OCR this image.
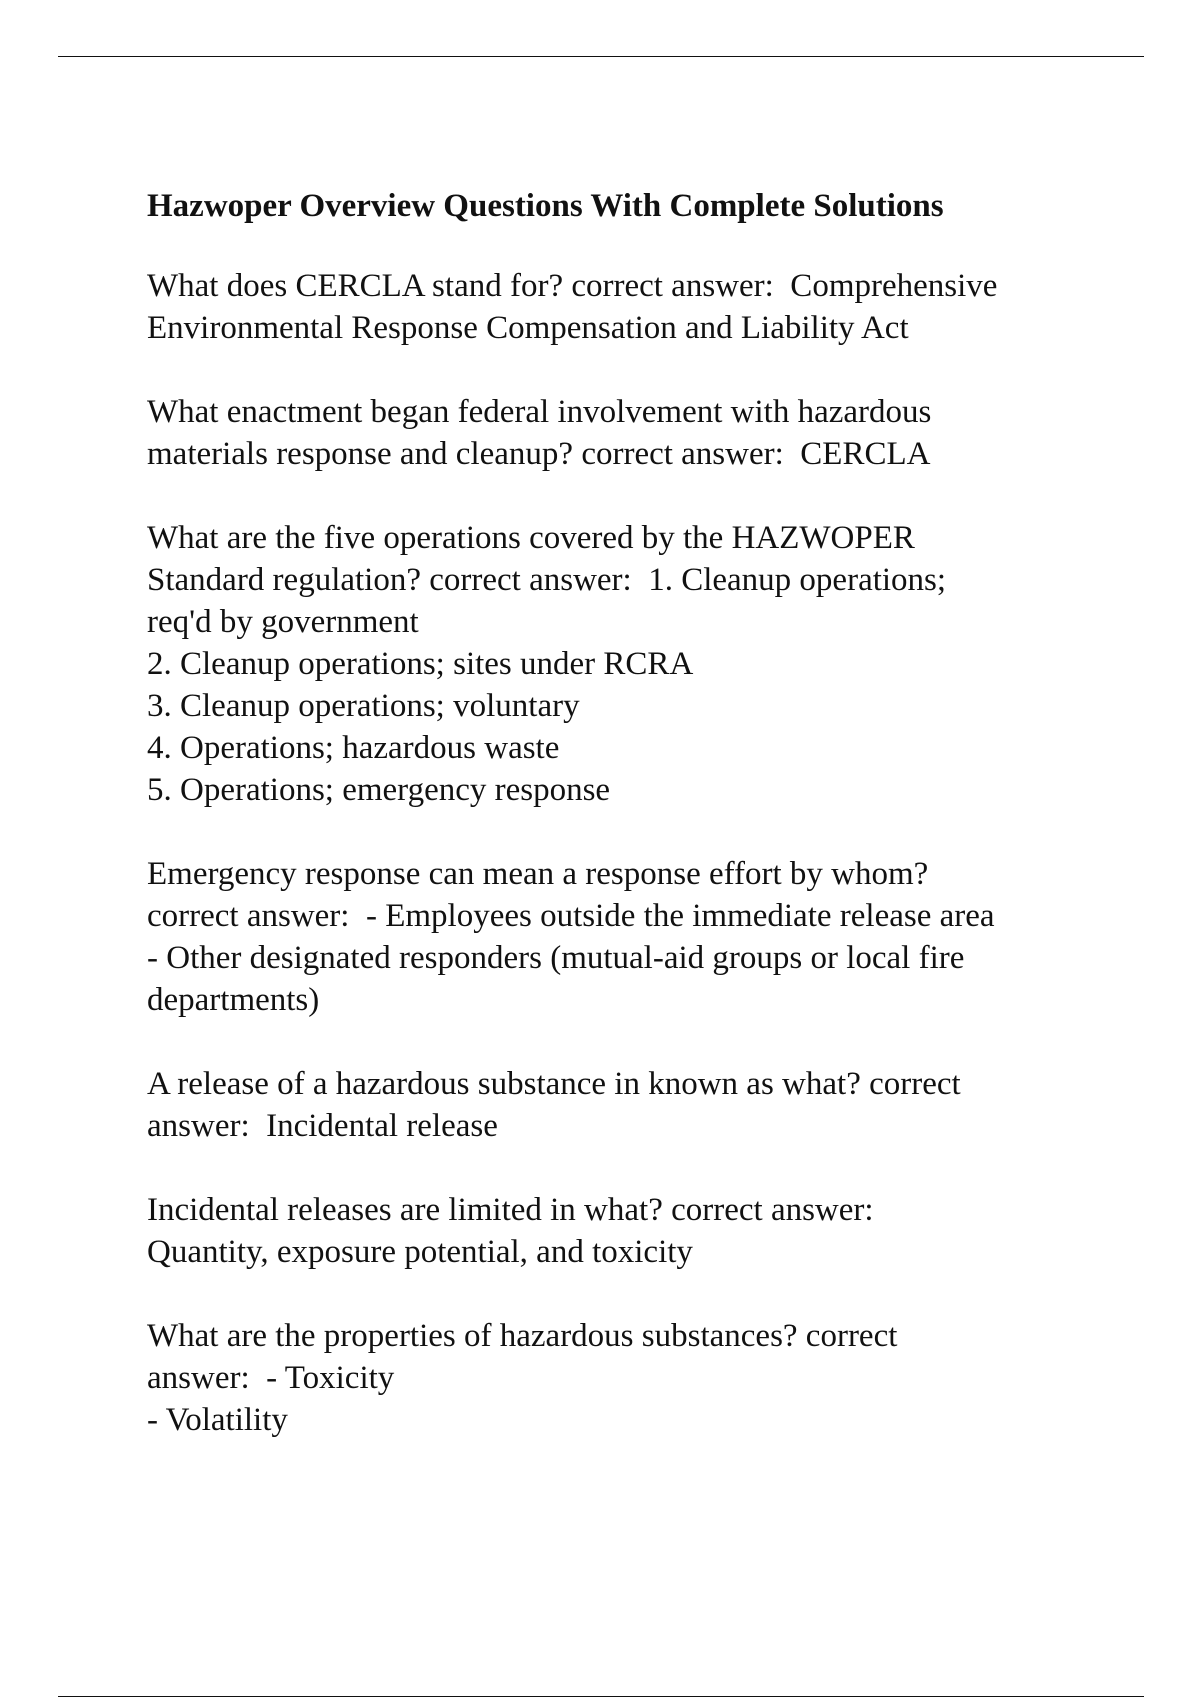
Hazwoper Overview Questions With Complete Solutions
What does CERCLA stand for? correct answer:  Comprehensive
Environmental Response Compensation and Liability Act
What enactment began federal involvement with hazardous
materials response and cleanup? correct answer:  CERCLA
What are the five operations covered by the HAZWOPER
Standard regulation? correct answer:  1. Cleanup operations;
req'd by government
2. Cleanup operations; sites under RCRA
3. Cleanup operations; voluntary
4. Operations; hazardous waste
5. Operations; emergency response
Emergency response can mean a response effort by whom?
correct answer:  - Employees outside the immediate release area
- Other designated responders (mutual-aid groups or local fire
departments)
A release of a hazardous substance in known as what? correct
answer:  Incidental release
Incidental releases are limited in what? correct answer:
Quantity, exposure potential, and toxicity
What are the properties of hazardous substances? correct
answer:  - Toxicity
- Volatility
